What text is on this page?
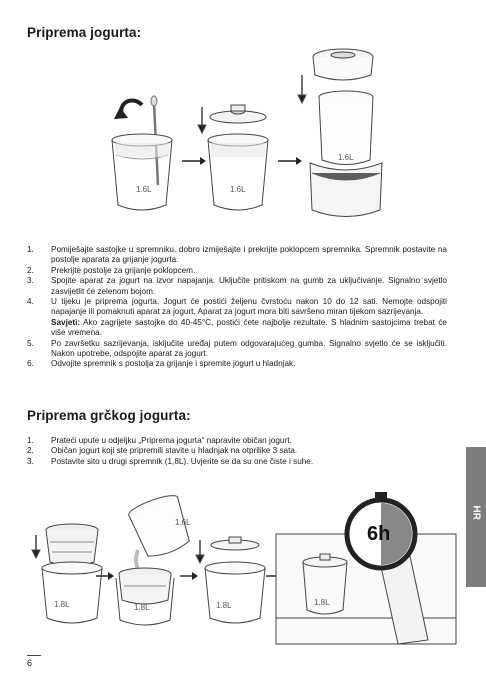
Priprema jogurta:
1.6L	1.6L
1.6L
1. Pomiješajte sastojke u spremniku, dobro izmiješajte i prekrijte poklopcem spremnika. Spremnik postavite na postolje aparata za grijanje jogurta.
2. Prekrijte postolje za grijanje poklopcem.
3. Spojite aparat za jogurt na izvor napajanja. Uključite pritiskom na gumb za uključivanje. Signalno svjetlo zasvijetlit će zelenom bojom.
4. U tijeku je priprema jogurta. Jogurt će postići željenu čvrstoću nakon 10 do 12 sati. Nemojte odspojiti napajanje ili pomaknuti aparat za jogurt. Aparat za jogurt mora biti savršeno miran tijekom sazrijevanja.
Savjeti: Ako zagrijete sastojke do 40-45°C, postići ćete najbolje rezultate. S hladnim sastojcima trebat će više vremena.
5. Po završetku sazrijevanja, isključite uređaj putem odgovarajućeg gumba. Signalno svjetlo će se isključiti. Nakon upotrebe, odspojite aparat za jogurt.
6. Odvojite spremnik s postolja za grijanje i spremite jogurt u hladnjak.
Priprema grčkog jogurta:
1. Prateći upute u odjeljku „Priprema jogurta“ napravite običan jogurt.
2. Običan jogurt koji ste pripremili stavite u hladnjak na otprilike 3 sata.
3. Postavite sito u drugi spremnik (1,8L). Uvjerite se da su one čiste i suhe.
1.8L
1.6L
1.8L	1.8L	1.8L
6h
HR
6
